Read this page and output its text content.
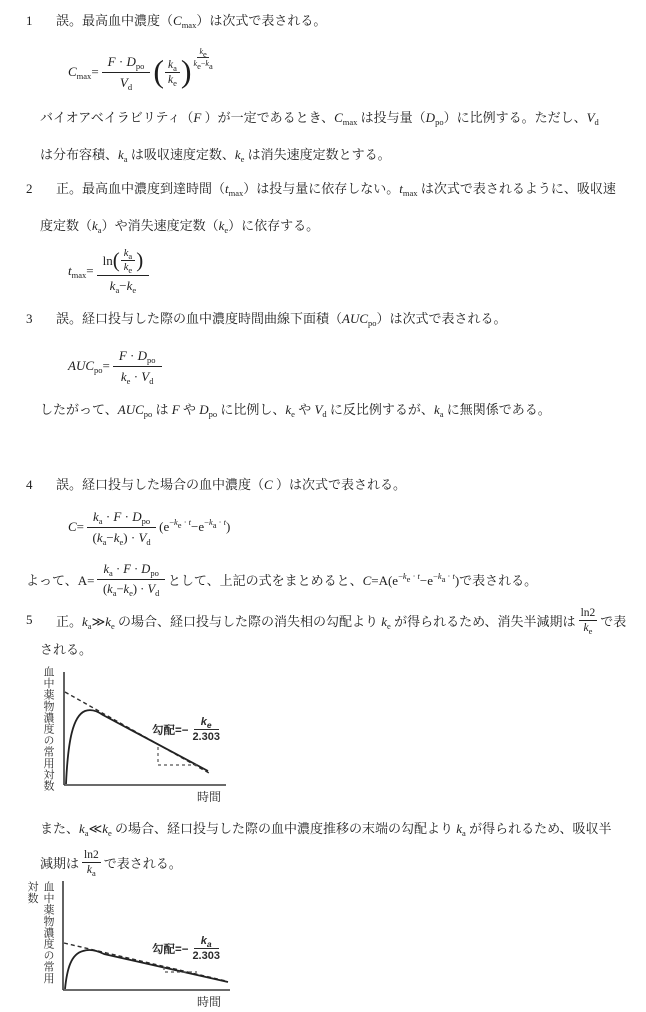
1	誤。最高血中濃度$(C_{max})$は次式で表される。
$C_{max}= \frac{F \cdot D_{po}}{V_d}$ ( $\frac{k_a}{k_e}$ ) $\frac{k_e}{k_e-k_a}$
バイオアベイラビリティ（F ）が一定であるとき、$C_{max}$ は投与量$(D_{po})$に比例する。ただし、$V_d$
は分布容積、$k_a$ は吸収速度定数、$k_e$ は消失速度定数とする。
2	正。最高血中濃度到達時間$(t_{max})$は投与量に依存しない。$t_{max}$ は次式で表されるように、吸収速
度定数$(k_a)$や消失速度定数$(k_e)$に依存する。
$t_{max}=$
ln ( $\frac{k_a}{k_e}$ )
$k_a-k_e$
3	誤。経口投与した際の血中濃度時間曲線下面積$(AUC_{po})$は次式で表される。
$AUC_{po}= \frac{F \cdot D_{po}}{k_e \cdot V_d}$
したがって、$AUC_{po}$ は F や $D_{po}$ に比例し、$k_e$ や $V_d$ に反比例するが、$k_a$ に無関係である。
4	誤。経口投与した場合の血中濃度（C ）は次式で表される。
$C= \frac{k_a \cdot F \cdot D_{po}}{(k_a-k_e) \cdot V_d} (e^{-k_e \cdot t}-e^{-k_a \cdot t})$
よって、$A= \frac{k_a \cdot F \cdot D_{po}}{(k_a-k_e) \cdot V_d}$ として、上記の式をまとめると、$C=A(e^{-k_e \cdot t}-e^{-k_a \cdot t})$で表される。
5	正。$k_a≫k_e$ の場合、経口投与した際の消失相の勾配より $k_e$ が得られるため、消失半減期は $\frac{\ln 2}{k_e}$ で表
される。
血中薬物濃度の常用対数	勾配=− $\frac{k_e}{2.303}$
時間
また、$k_a≪k_e$ の場合、経口投与した際の血中濃度推移の末端の勾配より $k_a$ が得られるため、吸収半
減期は $\frac{\ln 2}{k_a}$ で表される。
血中薬物濃度の常用対数
勾配=− $\frac{k_a}{2.303}$
時間
